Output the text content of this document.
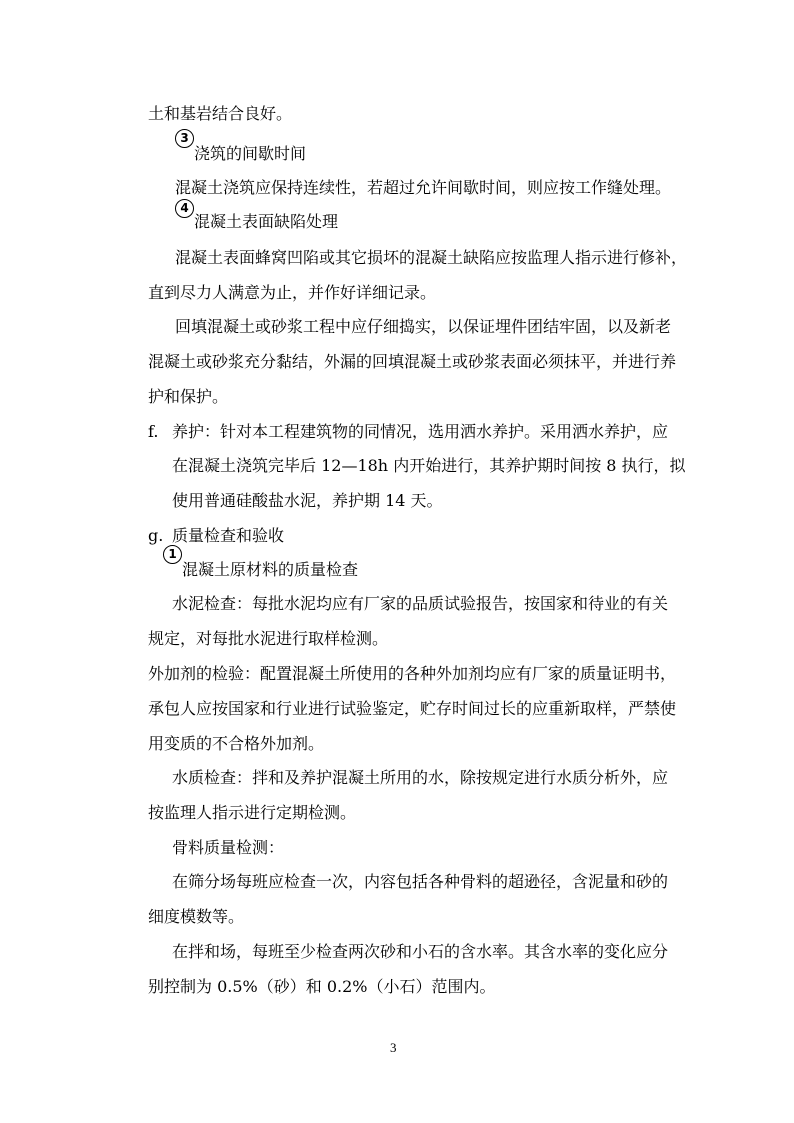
土和基岩结合良好。
3
浇筑的间歇时间
混凝土浇筑应保持连续性，若超过允许间歇时间，则应按工作缝处理。
4
混凝土表面缺陷处理
混凝土表面蜂窝凹陷或其它损坏的混凝土缺陷应按监理人指示进行修补，
直到尽力人满意为止，并作好详细记录。
回填混凝土或砂浆工程中应仔细捣实，以保证埋件团结牢固，以及新老
混凝土或砂浆充分黏结，外漏的回填混凝土或砂浆表面必须抹平，并进行养
护和保护。
f. 养护：针对本工程建筑物的同情况，选用洒水养护。采用洒水养护，应
在混凝土浇筑完毕后 12—18h 内开始进行，其养护期时间按 8 执行，拟
使用普通硅酸盐水泥，养护期 14 天。
g. 质量检查和验收
1
混凝土原材料的质量检查
水泥检查：每批水泥均应有厂家的品质试验报告，按国家和待业的有关
规定，对每批水泥进行取样检测。
外加剂的检验：配置混凝土所使用的各种外加剂均应有厂家的质量证明书，
承包人应按国家和行业进行试验鉴定，贮存时间过长的应重新取样，严禁使
用变质的不合格外加剂。
水质检查：拌和及养护混凝土所用的水，除按规定进行水质分析外，应
按监理人指示进行定期检测。
骨料质量检测：
在筛分场每班应检查一次，内容包括各种骨料的超逊径，含泥量和砂的
细度模数等。
在拌和场，每班至少检查两次砂和小石的含水率。其含水率的变化应分
别控制为 0.5%（砂）和 0.2%（小石）范围内。
3
